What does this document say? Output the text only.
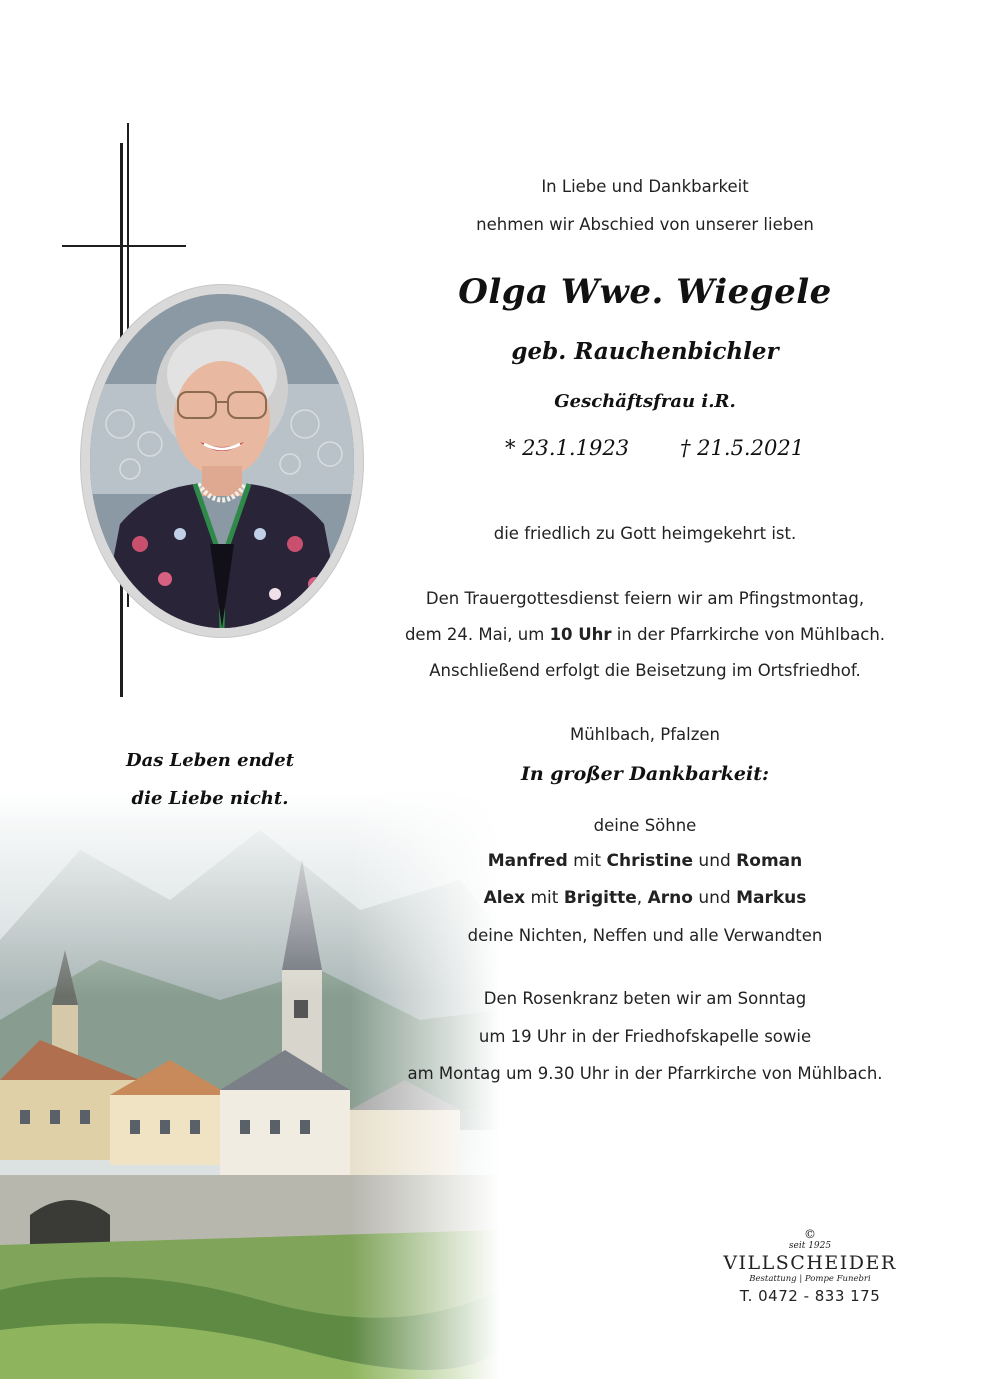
Das Leben endet
die Liebe nicht.
In Liebe und Dankbarkeit
nehmen wir Abschied von unserer lieben
Olga Wwe. Wiegele
geb. Rauchenbichler
Geschäftsfrau i.R.
* 23.1.1923 † 21.5.2021
die friedlich zu Gott heimgekehrt ist.
Den Trauergottesdienst feiern wir am Pfingstmontag,
dem 24. Mai, um 10 Uhr in der Pfarrkirche von Mühlbach.
Anschließend erfolgt die Beisetzung im Ortsfriedhof.
Mühlbach, Pfalzen
In großer Dankbarkeit:
deine Söhne
Manfred mit Christine und Roman
Alex mit Brigitte, Arno und Markus
deine Nichten, Neffen und alle Verwandten
Den Rosenkranz beten wir am Sonntag
um 19 Uhr in der Friedhofskapelle sowie
am Montag um 9.30 Uhr in der Pfarrkirche von Mühlbach.
©
seit 1925
VILLSCHEIDER
Bestattung | Pompe Funebri
T. 0472 - 833 175
